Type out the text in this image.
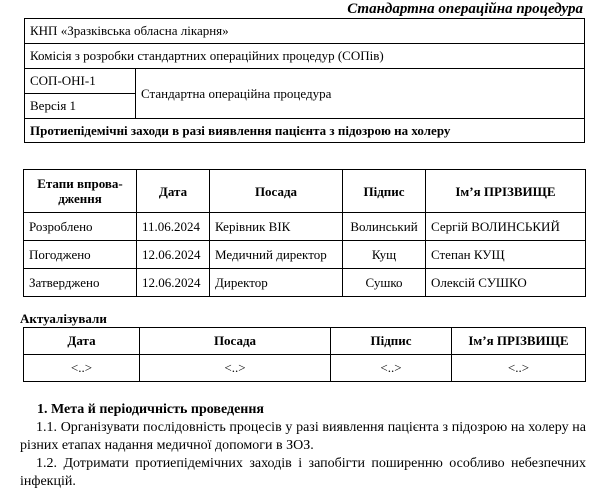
Стандартна операційна процедура
КНП «Зразківська обласна лікарня»
Комісія з розробки стандартних операційних процедур (СОПів)
СОП-ОНІ-1	Стандартна операційна процедура
Версія 1
Протиепідемічні заходи в разі виявлення пацієнта з підозрою на холеру
Етапи впрова-дження	Дата	Посада	Підпис	Ім’я ПРІЗВИЩЕ
Розроблено	11.06.2024	Керівник ВІК	Волинський	Сергій ВОЛИНСЬКИЙ
Погоджено	12.06.2024	Медичний директор	Кущ	Степан КУЩ
Затверджено	12.06.2024	Директор	Сушко	Олексій СУШКО
Актуалізували
Дата	Посада	Підпис	Ім’я ПРІЗВИЩЕ
<..>	<..>	<..>	<..>
1. Мета й періодичність проведення
1.1. Організувати послідовність процесів у разі виявлення пацієнта з підозрою на холеру на різних етапах надання медичної допомоги в ЗОЗ.
1.2. Дотримати протиепідемічних заходів і запобігти поширенню особливо небезпечних інфекцій.
